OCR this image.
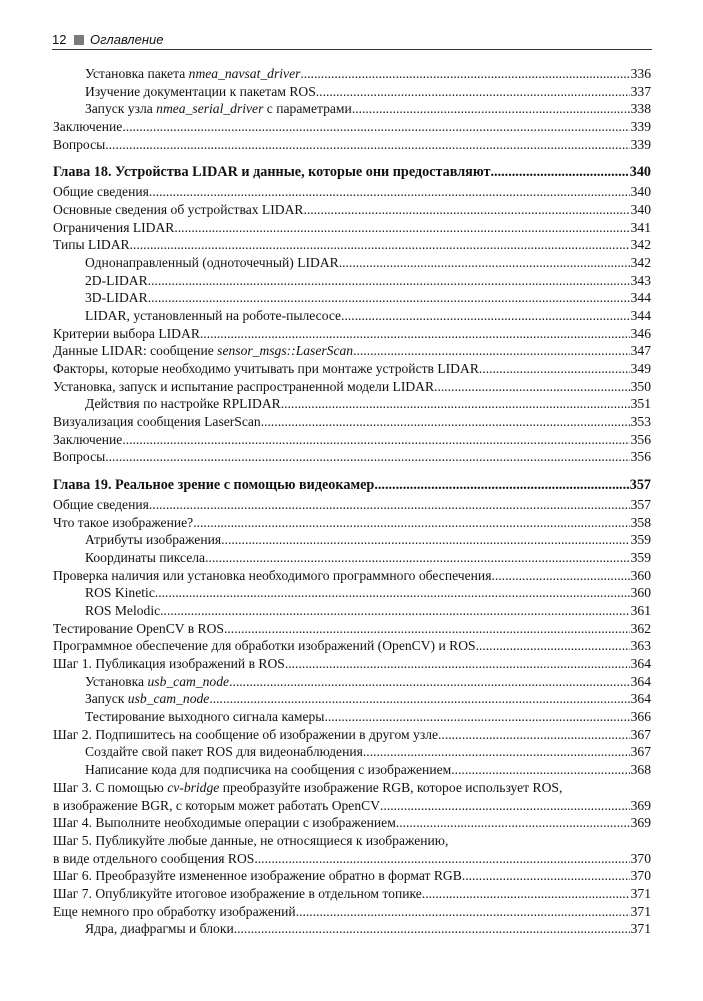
12 Оглавление
Установка пакета nmea_navsat_driver .....	336
Изучение документации к пакетам ROS .....	337
Запуск узла nmea_serial_driver с параметрами .....	338
Заключение .....	339
Вопросы .....	339
Глава 18. Устройства LIDAR и данные, которые они предоставляют .....	340
Общие сведения .....	340
Основные сведения об устройствах LIDAR .....	340
Ограничения LIDAR .....	341
Типы LIDAR .....	342
Однонаправленный (одноточечный) LIDAR .....	342
2D-LIDAR .....	343
3D-LIDAR .....	344
LIDAR, установленный на роботе-пылесосе .....	344
Критерии выбора LIDAR .....	346
Данные LIDAR: сообщение sensor_msgs::LaserScan .....	347
Факторы, которые необходимо учитывать при монтаже устройств LIDAR .....	349
Установка, запуск и испытание распространенной модели LIDAR .....	350
Действия по настройке RPLIDAR .....	351
Визуализация сообщения LaserScan .....	353
Заключение .....	356
Вопросы .....	356
Глава 19. Реальное зрение с помощью видеокамер .....	357
Общие сведения .....	357
Что такое изображение? .....	358
Атрибуты изображения .....	359
Координаты пиксела .....	359
Проверка наличия или установка необходимого программного обеспечения .....	360
ROS Kinetic .....	360
ROS Melodic .....	361
Тестирование OpenCV в ROS .....	362
Программное обеспечение для обработки изображений (OpenCV) и ROS .....	363
Шаг 1. Публикация изображений в ROS .....	364
Установка usb_cam_node .....	364
Запуск usb_cam_node .....	364
Тестирование выходного сигнала камеры .....	366
Шаг 2. Подпишитесь на сообщение об изображении в другом узле .....	367
Создайте свой пакет ROS для видеонаблюдения .....	367
Написание кода для подписчика на сообщения с изображением .....	368
Шаг 3. С помощью cv-bridge преобразуйте изображение RGB, которое использует ROS,
в изображение BGR, с которым может работать OpenCV .....	369
Шаг 4. Выполните необходимые операции с изображением .....	369
Шаг 5. Публикуйте любые данные, не относящиеся к изображению,
в виде отдельного сообщения ROS .....	370
Шаг 6. Преобразуйте измененное изображение обратно в формат RGB .....	370
Шаг 7. Опубликуйте итоговое изображение в отдельном топике .....	371
Еще немного про обработку изображений .....	371
Ядра, диафрагмы и блоки .....	371
